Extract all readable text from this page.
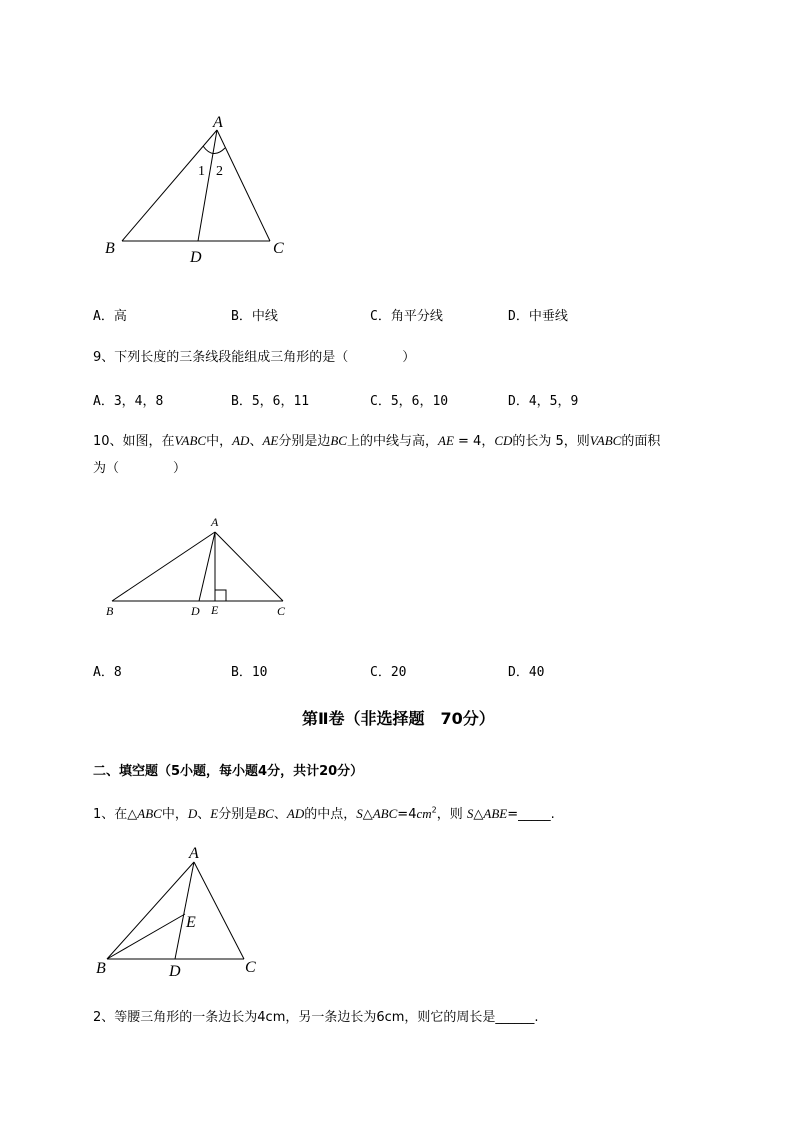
A
B	C
D
1 2
A．高	B．中线	C．角平分线	D．中垂线
9、下列长度的三条线段能组成三角形的是（	）
A．3，4，8	B．5，6，11	C．5，6，10	D．4，5，9
10、如图，在VABC中，AD、AE分别是边BC上的中线与高，AE = 4，CD的长为 5，则VABC的面积
为（	）
A
B	C
D E
A．8	B．10	C．20	D．40
第Ⅱ卷（非选择题　70分）
二、填空题（5小题，每小题4分，共计20分）
1、在△ABC中，D、E分别是BC、AD的中点，$S\triangle ABC=4cm^2$，则 S△ABE=_____.
A
B	C
D
E
2、等腰三角形的一条边长为4cm，另一条边长为6cm，则它的周长是______.
